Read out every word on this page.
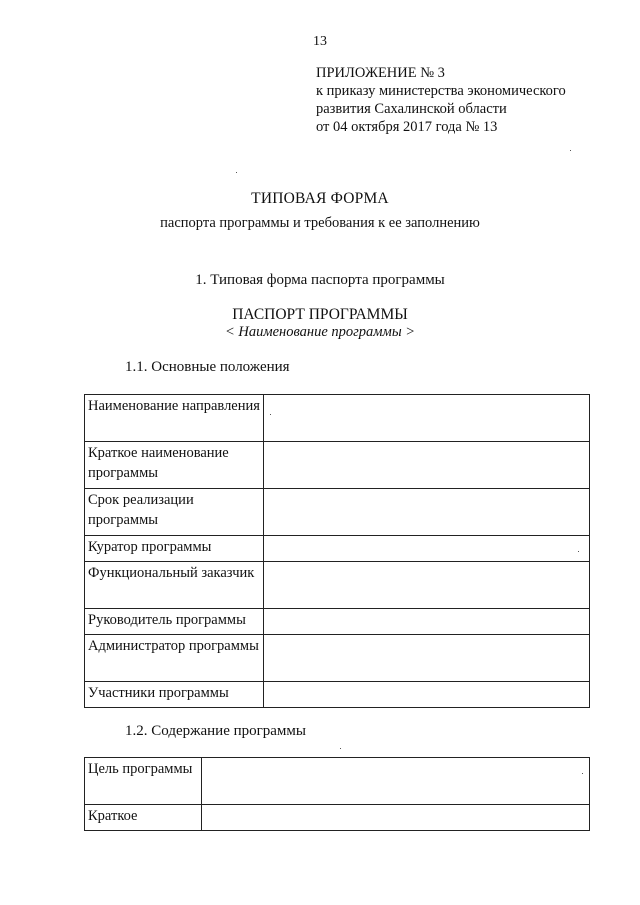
13
ПРИЛОЖЕНИЕ № 3
к приказу министерства экономического
развития Сахалинской области
от 04 октября 2017 года № 13
ТИПОВАЯ ФОРМА
паспорта программы и требования к ее заполнению
1. Типовая форма паспорта программы
ПАСПОРТ ПРОГРАММЫ
< Наименование программы >
1.1. Основные положения
Наименование направления	
Краткое наименование программы	
Срок реализации программы	
Куратор программы	
Функциональный заказчик	
Руководитель программы	
Администратор программы	
Участники программы	
1.2. Содержание программы
Цель программы	
Краткое	
